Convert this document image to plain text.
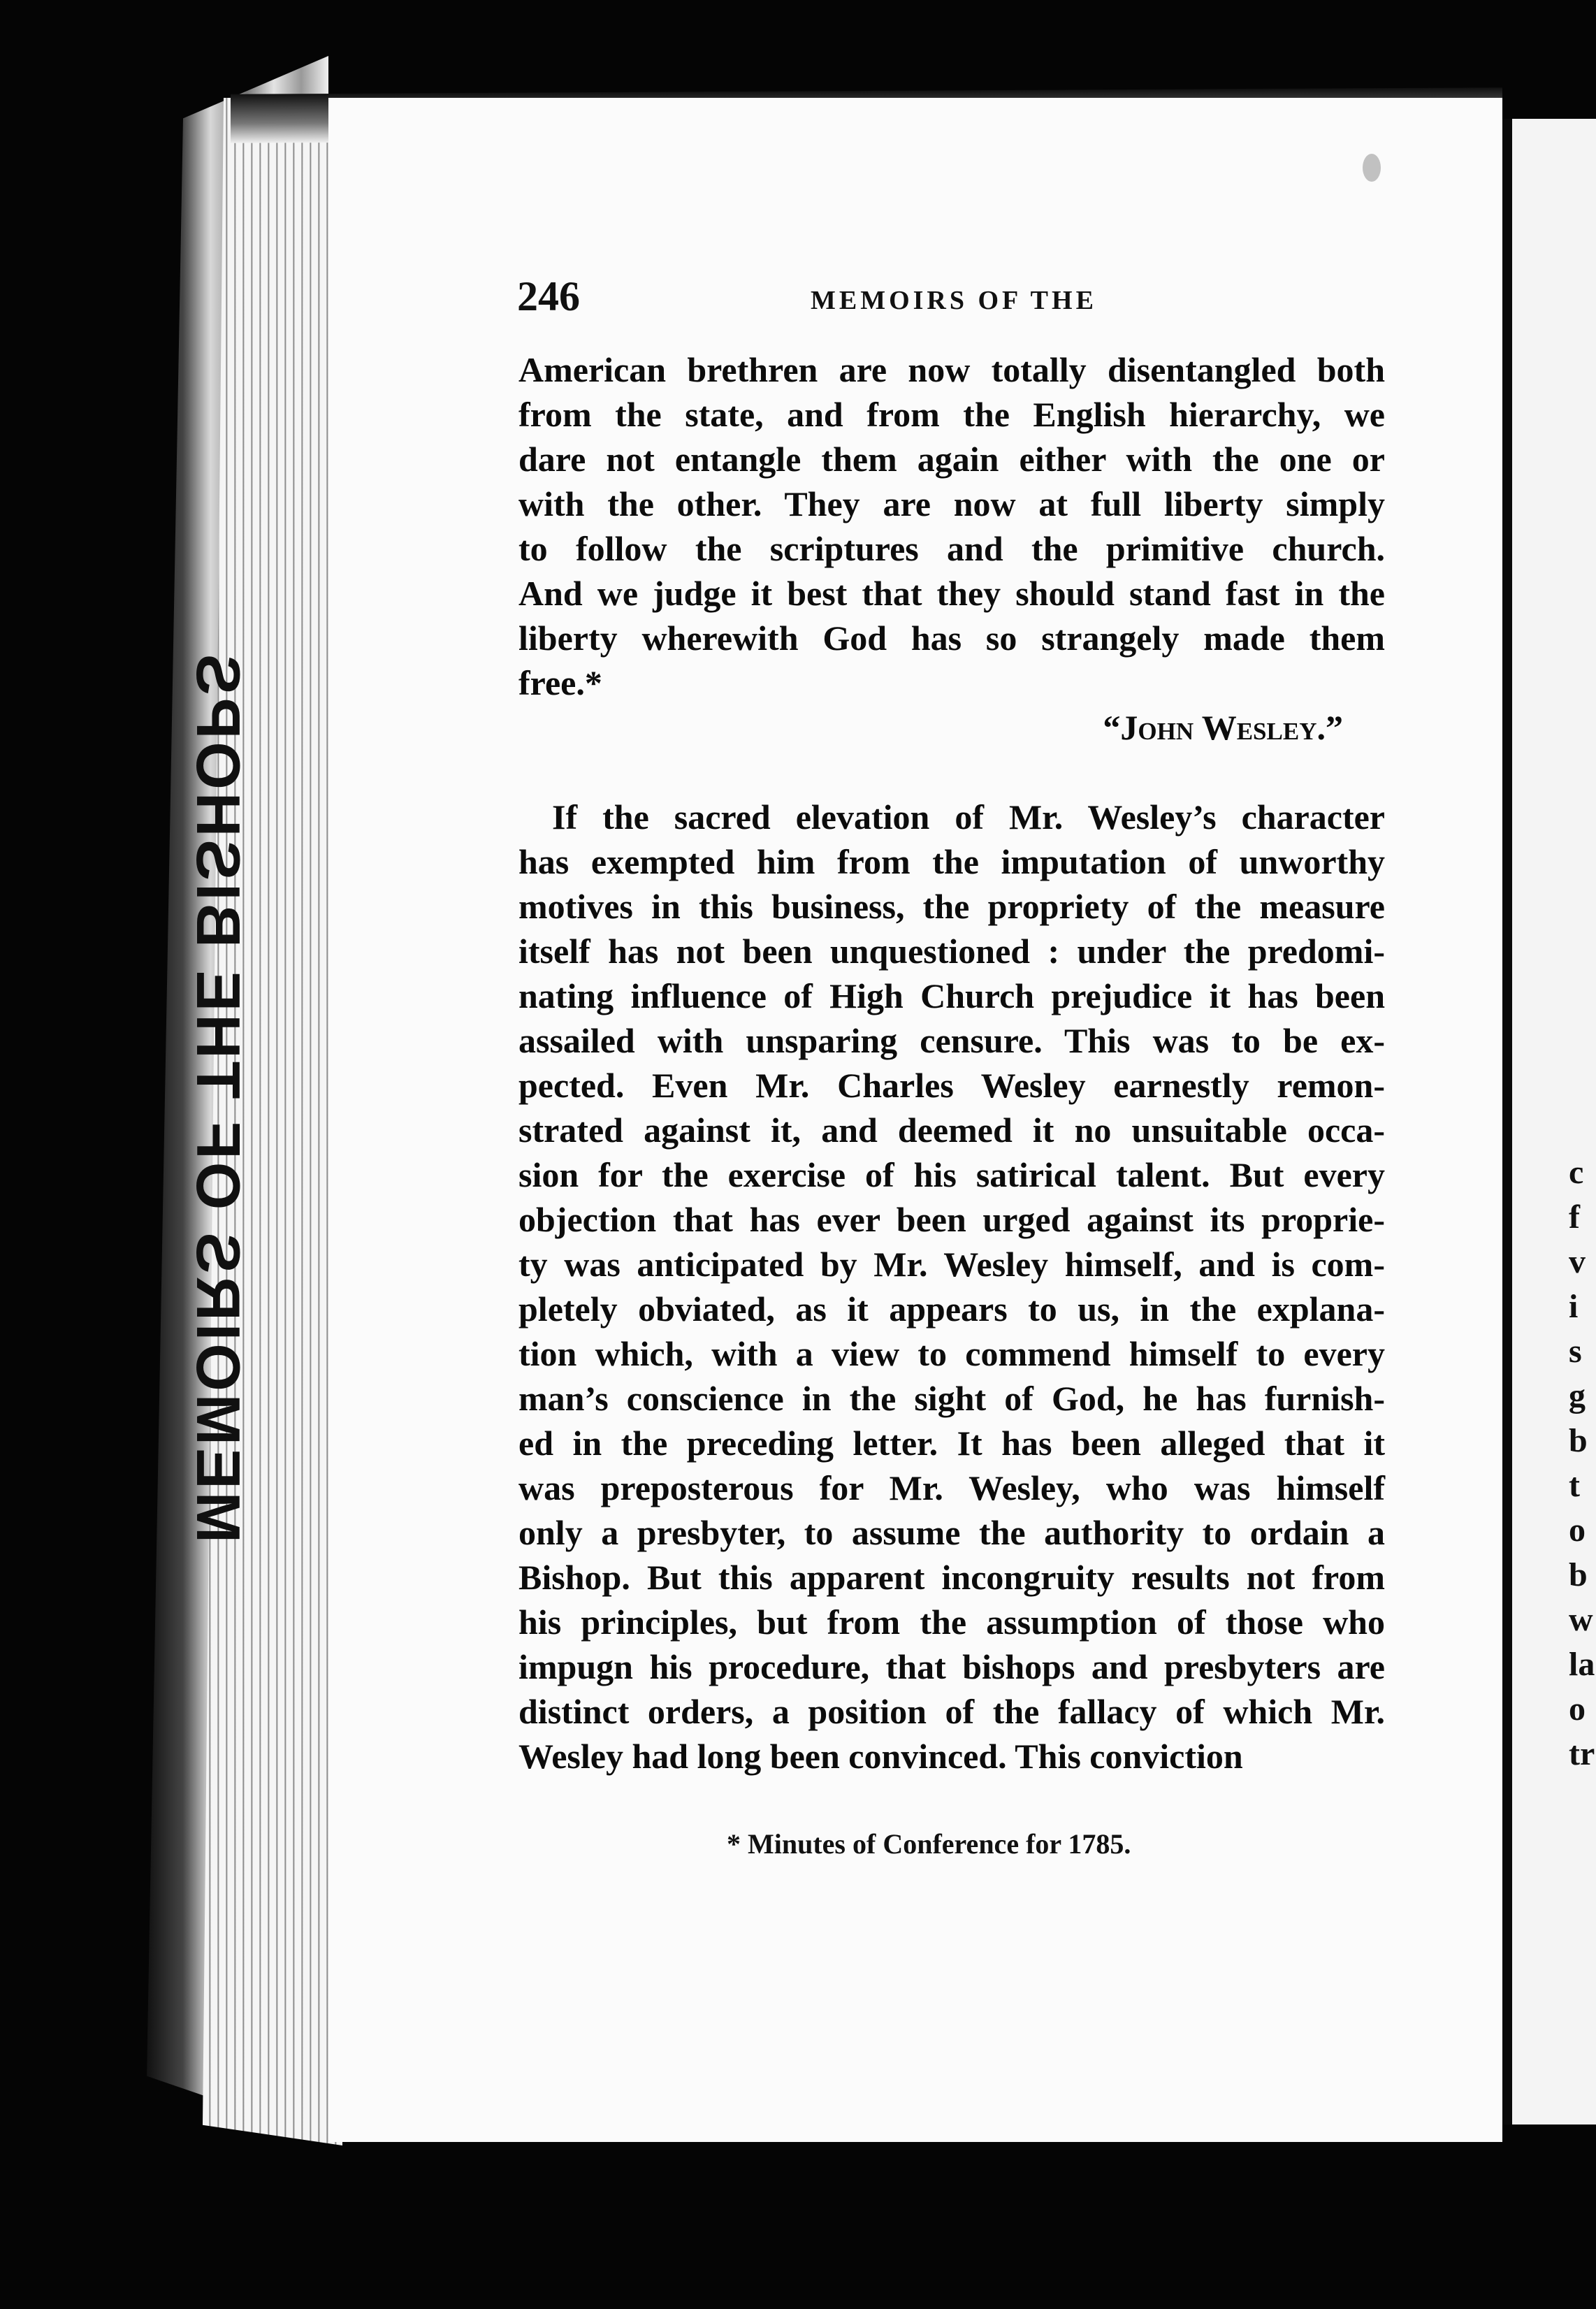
MEMOIRS OF THE BISHOPS	c
f
v
i
s
g
b
t
o
b
w
la
o
tr
246	MEMOIRS OF THE
American brethren are now totally disentangled both
from the state, and from the English hierarchy, we
dare not entangle them again either with the one or
with the other. They are now at full liberty simply
to follow the scriptures and the primitive church.
And we judge it best that they should stand fast in the
liberty wherewith God has so strangely made them
free.*
“John Wesley.”
If the sacred elevation of Mr. Wesley’s character
has exempted him from the imputation of unworthy
motives in this business, the propriety of the measure
itself has not been unquestioned : under the predomi-
nating influence of High Church prejudice it has been
assailed with unsparing censure. This was to be ex-
pected. Even Mr. Charles Wesley earnestly remon-
strated against it, and deemed it no unsuitable occa-
sion for the exercise of his satirical talent. But every
objection that has ever been urged against its proprie-
ty was anticipated by Mr. Wesley himself, and is com-
pletely obviated, as it appears to us, in the explana-
tion which, with a view to commend himself to every
man’s conscience in the sight of God, he has furnish-
ed in the preceding letter. It has been alleged that it
was preposterous for Mr. Wesley, who was himself
only a presbyter, to assume the authority to ordain a
Bishop. But this apparent incongruity results not from
his principles, but from the assumption of those who
impugn his procedure, that bishops and presbyters are
distinct orders, a position of the fallacy of which Mr.
Wesley had long been convinced. This conviction
* Minutes of Conference for 1785.
